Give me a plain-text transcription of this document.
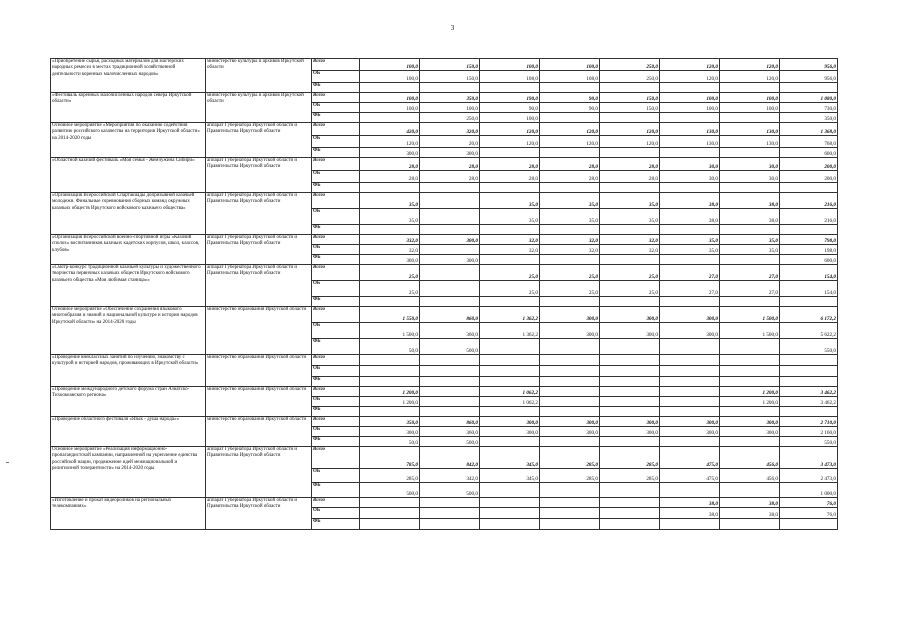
3
«Приобретение сырья, расходных материалов для мастерских народных ремесел в местах традиционной хозяйственной деятельности коренных малочисленных народов»	министерство культуры и архивов Иркутской области	Всего	100,0	150,0	100,0	100,0	250,0	120,0	120,0	956,0
		ОБ	100,0	150,0	108,0	108,0	250,0	120,0	120,0	956,0
		ФБ								
«Фестиваль коренных малочисленных народов севера Иркутской области»	министерство культуры и архивов Иркутской области	Всего	100,0	350,0	190,0	90,0	150,0	100,0	100,0	1 080,0
		ОБ	100,0	100,0	90,0	90,0	150,0	100,0	100,0	730,0
		ФБ		250,0	100,0					350,0
Основное мероприятие «Мероприятия по оказанию содействия развитию российского казачества на территории Иркутской области» на 2014-2020 годы	аппарат Губернатора Иркутской области и Правительства Иркутской области	Всего	420,0	320,0	120,0	120,0	120,0	130,0	130,0	1 368,0
		ОБ	120,0	20,0	120,0	120,0	120,0	130,0	130,0	768,0
		ФБ	300,0	300,0						600,0
«Областной казачий фестиваль «Моя семья - Жемчужина Сибири»	аппарат Губернатора Иркутской области и Правительства Иркутской области	Всего	28,0	28,0	28,0	28,0	28,0	30,0	30,0	200,0
		ОБ	28,0	28,0	28,0	28,0	28,0	30,0	30,0	200,0
		ФБ								
«Организация Всероссийской Спартакиады допризывной казачьей молодежи. Финальные соревнования сборных команд окружных казачьих обществ Иркутского войскового казачьего общества»	аппарат Губернатора Иркутской области и Правительства Иркутской области	Всего	35,0		35,0	35,0	35,0	38,0	38,0	216,0
		ОБ	35,0		35,0	35,0	35,0	38,0	38,0	216,0
		ФБ								
«Организация Всероссийской военно-спортивной игры «Казачий сполох» воспитанников казачьих кадетских корпусов, школ, классов, клубов»	аппарат Губернатора Иркутской области и Правительства Иркутской области	Всего	332,0	300,0	32,0	32,0	32,0	35,0	35,0	798,0
		ОБ	32,0		32,0	32,0	32,0	35,0	35,0	198,0
		ФБ	300,0	300,0						600,0
«Смотр-конкурс традиционной казачьей культуры и художественного творчества первичных казачьих обществ Иркутского войскового казачьего общества «Моя любимая станица»»	аппарат Губернатора Иркутской области и Правительства Иркутской области	Всего	25,0		25,0	25,0	25,0	27,0	27,0	154,0
		ОБ	25,0		25,0	25,0	25,0	27,0	27,0	154,0
		ФБ								
Основное мероприятие «Обеспечение сохранения языкового многообразия и знаний о национальной культуре и истории народов Иркутской области» на 2014-2020 годы	министерство образования Иркутской области	Всего	1 550,0	860,0	1 362,2	300,0	300,0	300,0	1 500,0	6 172,2
		ОБ	1 500,0	360,0	1 362,2	300,0	300,0	300,0	1 500,0	5 622,2
		ФБ	50,0	500,0						550,0
«Проведение внеклассных занятий по изучению, знакомству с культурой и историей народов, проживающих в Иркутской области»	министерство образования Иркутской области	Всего								
		ОБ								
		ФБ								
«Проведение международного детского форума стран Азиатско-Тихоокеанского региона»	министерство образования Иркутской области	Всего	1 200,0		1 062,2				1 200,0	3 462,2
		ОБ	1 200,0		1 062,2				1 200,0	3 462,2
		ФБ								
«Проведение областного фестиваля «Язык - душа народа»»	министерство образования Иркутской области	Всего	350,0	860,0	300,0	300,0	300,0	300,0	300,0	2 710,0
		ОБ	300,0	360,0	300,0	300,0	300,0	300,0	300,0	2 160,0
		ФБ	50,0	500,0						550,0
Основное мероприятие «Реализация информационно-пропагандистской кампании, направленной на укрепление единства российской нации, продвижение идей межнациональной и религиозной толерантности» на 2014-2020 годы	аппарат Губернатора Иркутской области и Правительства Иркутской области	Всего	785,0	842,0	345,0	285,0	285,0	475,0	456,0	3 473,0
		ОБ	285,0	342,0	345,0	285,0	285,0	475,0	456,0	2 473,0
		ФБ	500,0	500,0						1 000,0
«Изготовление и прокат видеороликов на региональных телекомпаниях»	аппарат Губернатора Иркутской области и Правительства Иркутской области	Всего						38,0	38,0	76,0
		ОБ						38,0	38,0	76,0
		ФБ								
